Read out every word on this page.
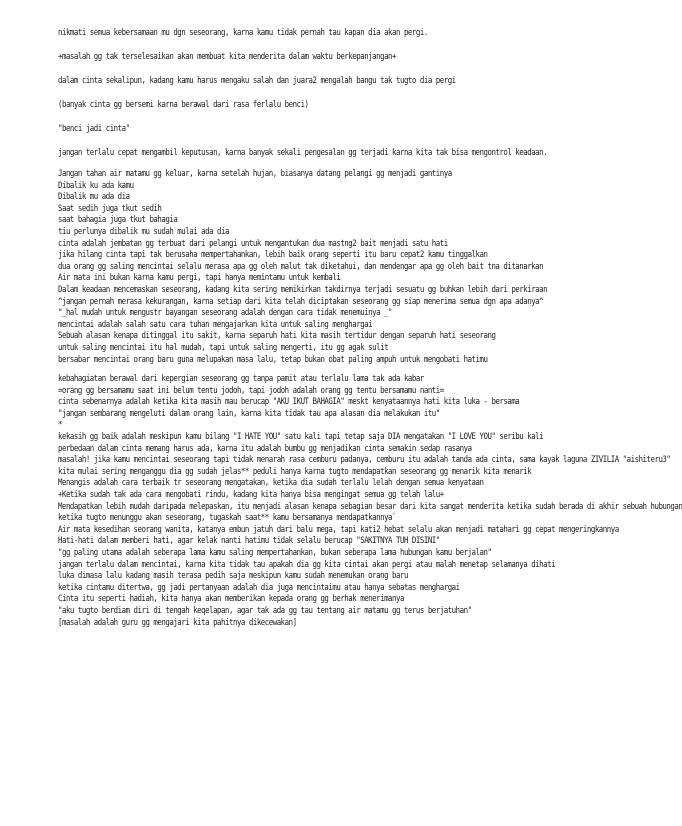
nikmati semua kebersamaan mu dgn seseorang, karna kamu tidak pernah tau kapan dia akan pergi.
+masalah gg tak terselesaikan akan membuat kita menderita dalam waktu berkepanjangan+
dalam cinta sekalipun, kadang kamu harus mengaku salah dan juara2 mengalah bangu tak tugto dia pergi
(banyak cinta gg bersemi karna berawal dari rasa ferlalu benci)
"benci jadi cinta"
jangan terlalu cepat mengambil keputusan, karna banyak sekali pengesalan gg terjadi karna kita tak bisa mengontrol keadaan.
Jangan tahan air matamu gg keluar, karna setelah hujan, biasanya datang pelangi gg menjadi gantinya
Dibalik ku ada kamu
Dibalik mu ada dia
Saat sedih juga tkut sedih
saat bahagia juga tkut bahagia
tiu perlunya dibalik mu sudah mulai ada dia
cinta adalah jembatan gg terbuat dari pelangi untuk mengantukan dua mastng2 bait menjadi satu hati
jika hilang cinta tapi tak berusaha mempertahankan, lebih baik orang seperti itu baru cepat2 kamu tinggalkan
dua orang gg saling mencintai selalu merasa apa gg oleh malut tak diketahui, dan mendengar apa gg oleh bait tna ditanarkan
Air mata ini bukan karna kamu pergi, tapi hanya memintamu untuk kembali
Dalam keadaan mencemaskan seseorang, kadang kita sering memikirkan takdirnya terjadi sesuatu gg buhkan lebih dari perkiraan
^jangan pernah merasa kekurangan, karna setiap dari kita telah diciptakan seseorang gg siap menerima semua dgn apa adanya^
"_hal mudah untuk mengustr bayangan seseorang adalah dengan cara tidak menemuinya _"
mencintai adalah salah satu cara tuhan mengajarkan kita untuk saling menghargai
Sebuah alasan kenapa ditinggal itu sakit, karna separuh hati kita masih tertidur dengan separuh hati seseorang
untuk saling mencintai itu hal mudah, tapi untuk saling mengerti, itu gg agak sulit
bersabar mencintai orang baru guna melupakan masa lalu, tetap bukan obat paling ampuh untuk mengobati hatimu
kebahagiatan berawal dari kepergian seseorang gg tanpa pamit atau terlalu lama tak ada kabar
=orang gg bersamamu saat ini belum tentu jodoh, tapi jodoh adalah orang gg tentu bersamamu nanti=
cinta sebenarnya adalah ketika kita masih mau berucap "AKU IKUT BAHAGIA" meskt kenyataannya hati kita luka - bersama
"jangan sembarang mengeluti dalam orang lain, karna kita tidak tau apa alasan dia melakukan itu"
*
kekasih gg baik adalah meskipun kamu bilang "I HATE YOU" satu kali tapi tetap saja DIA mengatakan "I LOVE YOU" seribu kali
perbedaan dalam cinta memang harus ada, karna itu adalah bumbu gg menjadikan cinta semakin sedap rasanya
masalah! jika kamu mencintai seseorang tapi tidak menarah rasa cemburu padanya, cemburu itu adalah tanda ada cinta, sama kayak laguna ZIVILIA "aishiteru3"
kita mulai sering menganggu dia gg sudah jelas** peduli hanya karna tugto mendapatkan seseorang gg menarik kita menarik
Menangis adalah cara terbaik tr seseorang mengatakan, ketika dia sudah terlalu lelah dengan semua kenyataan
+Ketika sudah tak ada cara mengobati rindu, kadang kita hanya bisa mengingat semua gg telah lalu+
Mendapatkan lebih mudah daripada melepaskan, itu menjadi alasan kenapa sebagian besar dari kita sangat menderita ketika sudah berada di akhir sebuah hubungan
ketika tugto menunggu akan seseorang, tugaskah saat** kamu bersamanya mendapatkannya`
Air mata kesedihan seorang wanita, katanya embun jatuh dari balu mega, tapi kati2 hebat selalu akan menjadi matahari gg cepat mengeringkannya
Hati-hati dalam memberi hati, agar kelak nanti hatimu tidak selalu berucap "SAKITNYA TUH DISINI"
"gg paling utama adalah seberapa lama kamu saling mempertahankan, bukan seberapa lama hubungan kamu berjalan"
jangan terlalu dalam mencintai, karna kita tidak tau apakah dia gg kita cintai akan pergi atau malah menetap selamanya dihati
luka dimasa lalu kadang masih terasa pedih saja meskipun kamu sudah menemukan orang baru
ketika cintamu ditertwa, gg jadi pertanyaan adalah dia juga mencintaimu atau hanya sebatas menghargai
Cinta itu seperti hadiah, kita hanya akan memberikan kepada orang gg berhak menerimanya
"aku tugto berdiam diri di tengah keqelapan, agar tak ada gg tau tentang air matamu gg terus berjatuhan"
[masalah adalah guru gg mengajari kita pahitnya dikecewakan]
